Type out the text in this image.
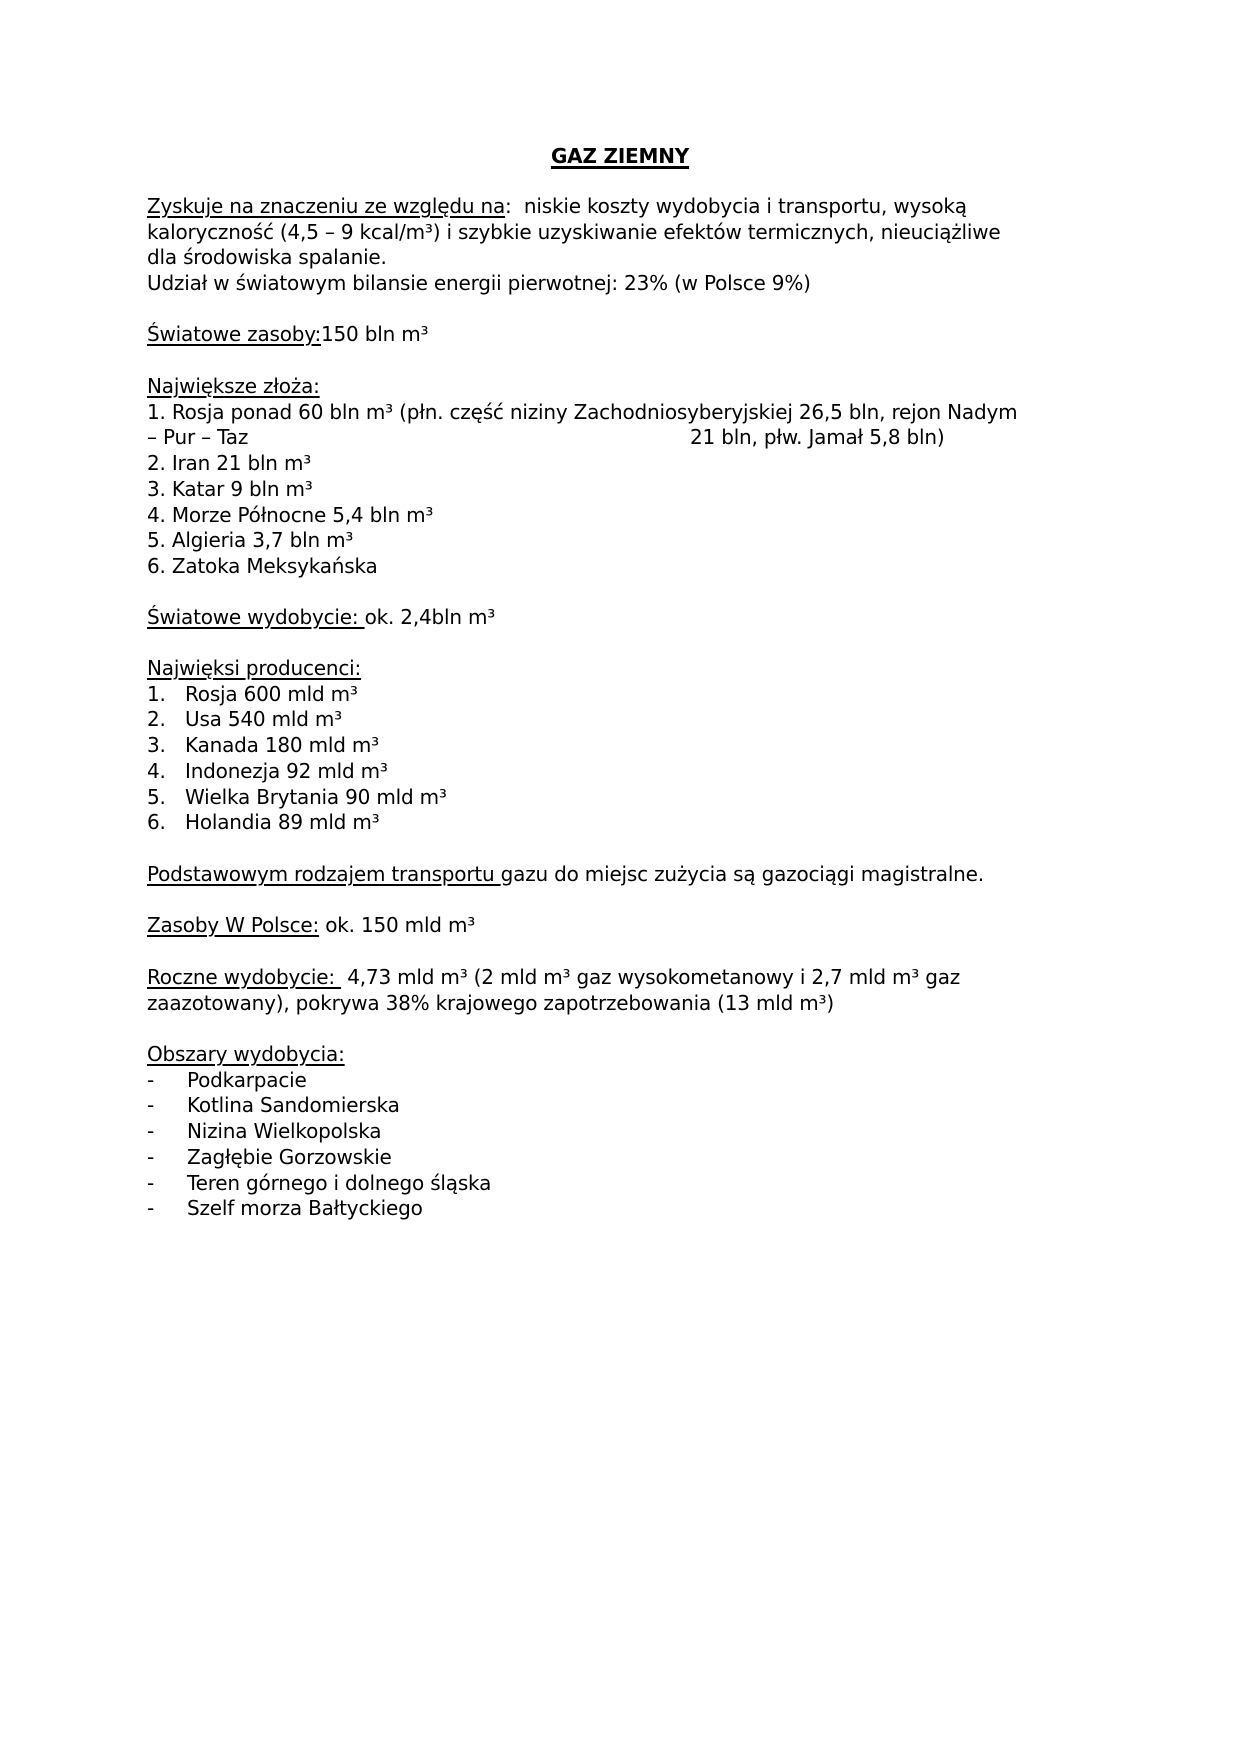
GAZ ZIEMNY
Zyskuje na znaczeniu ze względu na:  niskie koszty wydobycia i transportu, wysoką
kaloryczność (4,5 – 9 kcal/m³) i szybkie uzyskiwanie efektów termicznych, nieuciążliwe
dla środowiska spalanie.
Udział w światowym bilansie energii pierwotnej: 23% (w Polsce 9%)
Światowe zasoby:150 bln m³
Największe złoża:
1. Rosja ponad 60 bln m³ (płn. część niziny Zachodniosyberyjskiej 26,5 bln, rejon Nadym
– Pur – Taz	21 bln, płw. Jamał 5,8 bln)
2. Iran 21 bln m³
3. Katar 9 bln m³
4. Morze Północne 5,4 bln m³
5. Algieria 3,7 bln m³
6. Zatoka Meksykańska
Światowe wydobycie: ok. 2,4bln m³
Najwięksi producenci:
1. Rosja 600 mld m³
2. Usa 540 mld m³
3. Kanada 180 mld m³
4. Indonezja 92 mld m³
5. Wielka Brytania 90 mld m³
6. Holandia 89 mld m³
Podstawowym rodzajem transportu gazu do miejsc zużycia są gazociągi magistralne.
Zasoby W Polsce: ok. 150 mld m³
Roczne wydobycie:  4,73 mld m³ (2 mld m³ gaz wysokometanowy i 2,7 mld m³ gaz
zaazotowany), pokrywa 38% krajowego zapotrzebowania (13 mld m³)
Obszary wydobycia:
- Podkarpacie
- Kotlina Sandomierska
- Nizina Wielkopolska
- Zagłębie Gorzowskie
- Teren górnego i dolnego śląska
- Szelf morza Bałtyckiego
